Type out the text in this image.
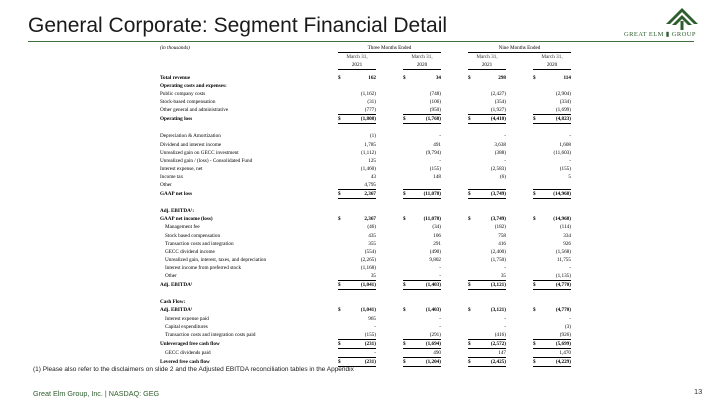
General Corporate: Segment Financial Detail	GREAT ELM ▮ GROUP
(in thousands)	Three Months Ended						Nine Months Ended				
	March 31,			March 31,			March 31,			March 31,	
	2021			2020			2021			2020	

Total revenue	$	162		$	34		$	298		$	114
Operating costs and expenses:											
Public company costs		(1,162)			(748)			(2,427)			(2,904)
Stock-based compensation		(31)			(106)			(354)			(334)
Other general and administrative		(777)			(950)			(1,927)			(1,699)
Operating loss	$	(1,808)		$	(1,768)		$	(4,410)		$	(4,823)

Depreciation & Amortization		(1)			-			-			-
Dividend and interest income		1,785			491			3,638			1,608
Unrealized gain on GECC investment		(1,112)			(9,794)			(388)			(11,603)
Unrealized gain / (loss) - Consolidated Fund		125			-			-			-
Interest expense, net		(1,460)			(155)			(2,583)			(155)
Income tax		43			148			(6)			5
Other		4,795									
GAAP net loss	$	2,367		$	(11,078)		$	(3,749)		$	(14,968)

Adj. EBITDA¹:											
GAAP net income (loss)	$	2,367		$	(11,078)		$	(3,749)		$	(14,968)
Management fee		(46)			(34)			(182)			(114)
Stock based compensation		435			106			758			334
Transaction costs and integration		355			291			416			926
GECC dividend income		(554)			(490)			(2,400)			(1,568)
Unrealized gain, interest, taxes, and depreciation		(2,265)			9,802			(1,750)			11,755
Interest income from preferred stock		(1,168)			-			-			-
Other		35			-			35			(1,135)
Adj. EBITDA¹	$	(1,041)		$	(1,403)		$	(3,121)		$	(4,770)

Cash Flow:											
Adj. EBITDA¹	$	(1,041)		$	(1,403)		$	(3,121)		$	(4,770)
Interest expense paid		965			-			-			-
Capital expenditures		-			-			-			(3)
Transaction costs and integration costs paid		(155)			(291)			(416)			(926)
Unleveraged free cash flow	$	(231)		$	(1,694)		$	(2,572)		$	(5,699)
GECC dividends paid		-			490			147			1,470
Levered free cash flow	$	(231)		$	(1,204)		$	(2,425)		$	(4,229)
(1) Please also refer to the disclaimers on slide 2 and the Adjusted EBITDA reconciliation tables in the Appendix
Great Elm Group, Inc. | NASDAQ: GEG	13
